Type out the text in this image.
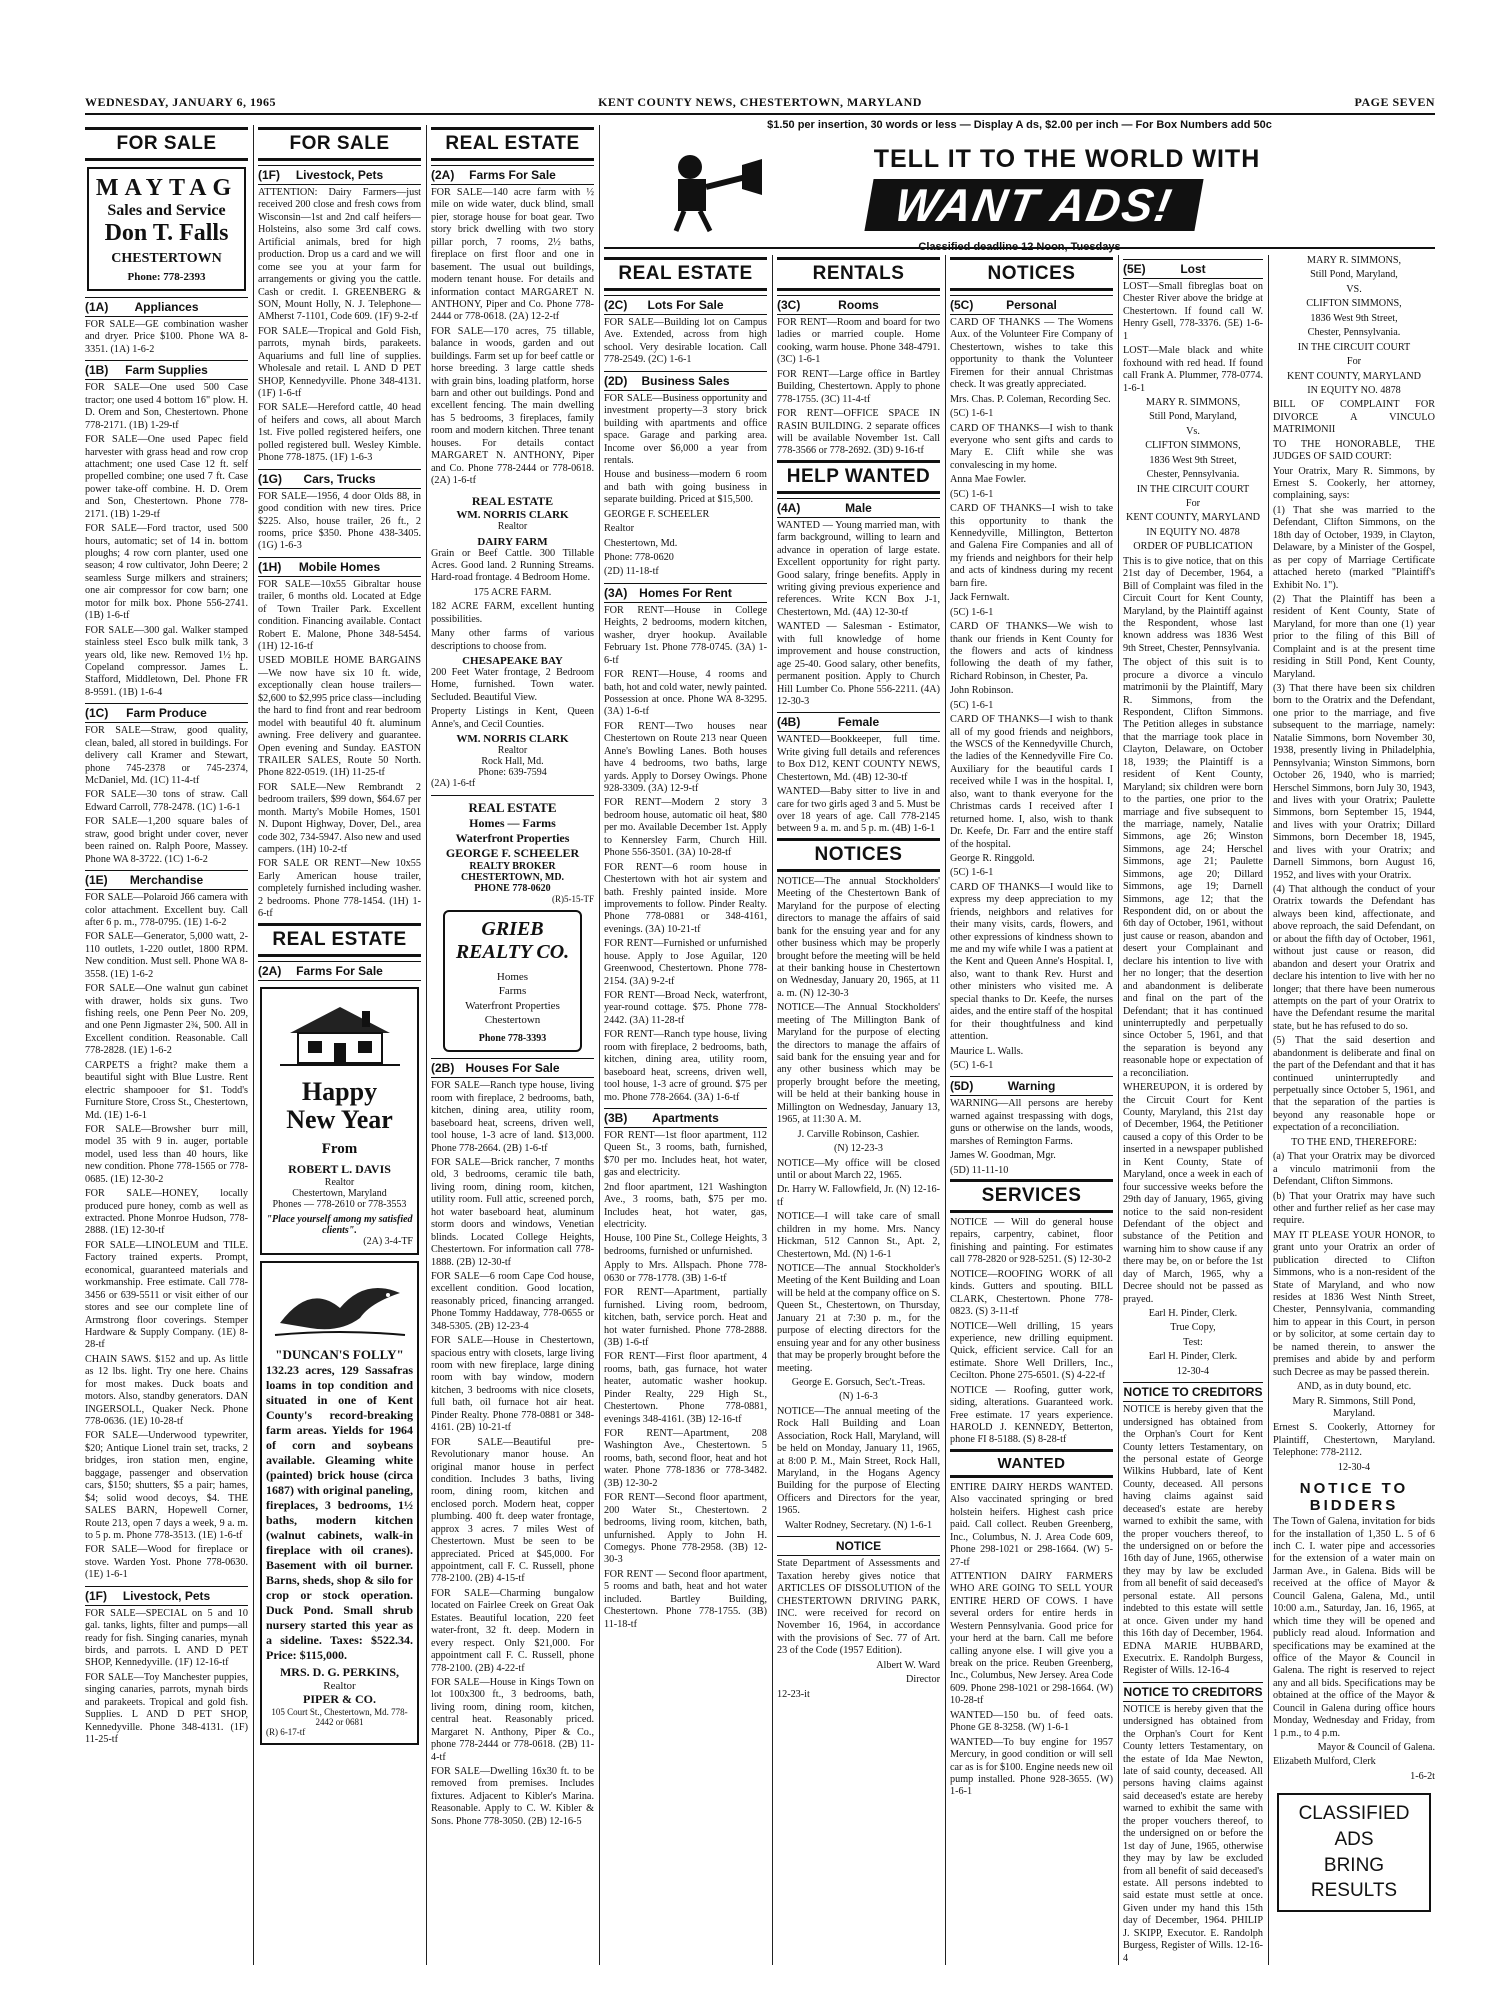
WEDNESDAY, JANUARY 6, 1965	KENT COUNTY NEWS, CHESTERTOWN, MARYLAND	PAGE SEVEN
FOR SALE
MAYTAG
Sales and Service
Don T. Falls
CHESTERTOWN
Phone: 778-2393
(1A)	Appliances

FOR SALE—GE combination washer and dryer. Price $100. Phone WA 8-3351. (1A) 1-6-2

(1B)	Farm Supplies

FOR SALE—One used 500 Case tractor; one used 4 bottom 16" plow. H. D. Orem and Son, Chestertown. Phone 778-2171. (1B) 1-29-tf

FOR SALE—One used Papec field harvester with grass head and row crop attachment; one used Case 12 ft. self propelled combine; one used 7 ft. Case power take-off combine. H. D. Orem and Son, Chestertown. Phone 778-2171. (1B) 1-29-tf

FOR SALE—Ford tractor, used 500 hours, automatic; set of 14 in. bottom ploughs; 4 row corn planter, used one season; 4 row cultivator, John Deere; 2 seamless Surge milkers and strainers; one air compressor for cow barn; one motor for milk box. Phone 556-2741. (1B) 1-6-tf

FOR SALE—300 gal. Walker stamped stainless steel Esco bulk milk tank, 3 years old, like new. Removed 1½ hp. Copeland compressor. James L. Stafford, Middletown, Del. Phone FR 8-9591. (1B) 1-6-4

(1C)	Farm Produce

FOR SALE—Straw, good quality, clean, baled, all stored in buildings. For delivery call Kramer and Stewart, phone 745-2378 or 745-2374, McDaniel, Md. (1C) 11-4-tf

FOR SALE—30 tons of straw. Call Edward Carroll, 778-2478. (1C) 1-6-1

FOR SALE—1,200 square bales of straw, good bright under cover, never been rained on. Ralph Poore, Massey. Phone WA 8-3722. (1C) 1-6-2

(1E)	Merchandise

FOR SALE—Polaroid J66 camera with color attachment. Excellent buy. Call after 6 p. m., 778-0795. (1E) 1-6-2

FOR SALE—Generator, 5,000 watt, 2-110 outlets, 1-220 outlet, 1800 RPM. New condition. Must sell. Phone WA 8-3558. (1E) 1-6-2

FOR SALE—One walnut gun cabinet with drawer, holds six guns. Two fishing reels, one Penn Peer No. 209, and one Penn Jigmaster 2¾, 500. All in Excellent condition. Reasonable. Call 778-2828. (1E) 1-6-2

CARPETS a fright? make them a beautiful sight with Blue Lustre. Rent electric shampooer for $1. Todd's Furniture Store, Cross St., Chestertown, Md. (1E) 1-6-1

FOR SALE—Browsher burr mill, model 35 with 9 in. auger, portable model, used less than 40 hours, like new condition. Phone 778-1565 or 778-0685. (1E) 12-30-2

FOR SALE—HONEY, locally produced pure honey, comb as well as extracted. Phone Monroe Hudson, 778-2888. (1E) 12-30-tf

FOR SALE—LINOLEUM and TILE. Factory trained experts. Prompt, economical, guaranteed materials and workmanship. Free estimate. Call 778-3456 or 639-5511 or visit either of our stores and see our complete line of Armstrong floor coverings. Stemper Hardware & Supply Company. (1E) 8-28-tf

CHAIN SAWS. $152 and up. As little as 12 lbs. light. Try one here. Chains for most makes. Duck boats and motors. Also, standby generators. DAN INGERSOLL, Quaker Neck. Phone 778-0636. (1E) 10-28-tf

FOR SALE—Underwood typewriter, $20; Antique Lionel train set, tracks, 2 bridges, iron station men, engine, baggage, passenger and observation cars, $150; shutters, $5 a pair; hames, $4; solid wood decoys, $4. THE SALES BARN, Hopewell Corner, Route 213, open 7 days a week, 9 a. m. to 5 p. m. Phone 778-3513. (1E) 1-6-tf

FOR SALE—Wood for fireplace or stove. Warden Yost. Phone 778-0630. (1E) 1-6-1

(1F)	Livestock, Pets

FOR SALE—SPECIAL on 5 and 10 gal. tanks, lights, filter and pumps—all ready for fish. Singing canaries, mynah birds, and parrots. L AND D PET SHOP, Kennedyville. (1F) 12-16-tf

FOR SALE—Toy Manchester puppies, singing canaries, parrots, mynah birds and parakeets. Tropical and gold fish. Supplies. L AND D PET SHOP, Kennedyville. Phone 348-4131. (1F) 11-25-tf

FOR SALE
(1F)	Livestock, Pets

ATTENTION: Dairy Farmers—just received 200 close and fresh cows from Wisconsin—1st and 2nd calf heifers—Holsteins, also some 3rd calf cows. Artificial animals, bred for high production. Drop us a card and we will come see you at your farm for arrangements or giving you the cattle. Cash or credit. I. GREENBERG & SON, Mount Holly, N. J. Telephone—AMherst 7-1101, Code 609. (1F) 9-2-tf

FOR SALE—Tropical and Gold Fish, parrots, mynah birds, parakeets. Aquariums and full line of supplies. Wholesale and retail. L AND D PET SHOP, Kennedyville. Phone 348-4131. (1F) 1-6-tf

FOR SALE—Hereford cattle, 40 head of heifers and cows, all about March 1st. Five polled registered heifers, one polled registered bull. Wesley Kimble. Phone 778-1875. (1F) 1-6-3

(1G)	Cars, Trucks

FOR SALE—1956, 4 door Olds 88, in good condition with new tires. Price $225. Also, house trailer, 26 ft., 2 rooms, price $350. Phone 438-3405. (1G) 1-6-3

(1H)	Mobile Homes

FOR SALE—10x55 Gibraltar house trailer, 6 months old. Located at Edge of Town Trailer Park. Excellent condition. Financing available. Contact Robert E. Malone, Phone 348-5454. (1H) 12-16-tf

USED MOBILE HOME BARGAINS—We now have six 10 ft. wide, exceptionally clean house trailers—$2,600 to $2,995 price class—including the hard to find front and rear bedroom model with beautiful 40 ft. aluminum awning. Free delivery and guarantee. Open evening and Sunday. EASTON TRAILER SALES, Route 50 North. Phone 822-0519. (1H) 11-25-tf

FOR SALE—New Rembrandt 2 bedroom trailers, $99 down, $64.67 per month. Marty's Mobile Homes, 1501 N. Dupont Highway, Dover, Del., area code 302, 734-5947. Also new and used campers. (1H) 10-2-tf

FOR SALE OR RENT—New 10x55 Early American house trailer, completely furnished including washer. 2 bedrooms. Phone 778-1454. (1H) 1-6-tf

REAL ESTATE
(2A)	Farms For Sale
Happy
New Year
From
ROBERT L. DAVIS
Realtor
Chestertown, Maryland
Phones — 778-2610 or 778-3553
"Place yourself among my satisfied clients".
(2A) 3-4-TF
"DUNCAN'S FOLLY"

132.23 acres, 129 Sassafras loams in top condition and situated in one of Kent County's record-breaking farm areas. Yields for 1964 of corn and soybeans available. Gleaming white (painted) brick house (circa 1687) with original paneling, fireplaces, 3 bedrooms, 1½ baths, modern kitchen (walnut cabinets, walk-in fireplace with oil cranes). Basement with oil burner. Barns, sheds, shop & silo for crop or stock operation. Duck Pond. Small shrub nursery started this year as a sideline. Taxes: $522.34. Price: $115,000.

MRS. D. G. PERKINS,
Realtor
PIPER & CO.
105 Court St., Chestertown, Md. 778-2442 or 0681
(R) 6-17-tf
REAL ESTATE
(2A)	Farms For Sale

FOR SALE—140 acre farm with ½ mile on wide water, duck blind, small pier, storage house for boat gear. Two story brick dwelling with two story pillar porch, 7 rooms, 2½ baths, fireplace on first floor and one in basement. The usual out buildings, modern tenant house. For details and information contact MARGARET N. ANTHONY, Piper and Co. Phone 778-2444 or 778-0618. (2A) 12-2-tf

FOR SALE—170 acres, 75 tillable, balance in woods, garden and out buildings. Farm set up for beef cattle or horse breeding. 3 large cattle sheds with grain bins, loading platform, horse barn and other out buildings. Pond and excellent fencing. The main dwelling has 5 bedrooms, 3 fireplaces, family room and modern kitchen. Three tenant houses. For details contact MARGARET N. ANTHONY, Piper and Co. Phone 778-2444 or 778-0618. (2A) 1-6-tf

REAL ESTATE
WM. NORRIS CLARK
Realtor
DAIRY FARM

Grain or Beef Cattle. 300 Tillable Acres. Good land. 2 Running Streams. Hard-road frontage. 4 Bedroom Home.

175 ACRE FARM.

182 ACRE FARM, excellent hunting possibilities.

Many other farms of various descriptions to choose from.

CHESAPEAKE BAY

200 Feet Water frontage, 2 Bedroom Home, furnished. Town water. Secluded. Beautiful View.

Property Listings in Kent, Queen Anne's, and Cecil Counties.

WM. NORRIS CLARK
Realtor
Rock Hall, Md.
Phone: 639-7594
(2A) 1-6-tf
REAL ESTATE
Homes — Farms
Waterfront Properties
GEORGE F. SCHEELER
REALTY BROKER
CHESTERTOWN, MD.
PHONE 778-0620
(R)5-15-TF
GRIEB REALTY CO.
Homes
Farms
Waterfront Properties
Chestertown
Phone 778-3393
(2B) Houses For Sale

FOR SALE—Ranch type house, living room with fireplace, 2 bedrooms, bath, kitchen, dining area, utility room, baseboard heat, screens, driven well, tool house, 1-3 acre of land. $13,000. Phone 778-2664. (2B) 1-6-tf

FOR SALE—Brick rancher, 7 months old, 3 bedrooms, ceramic tile bath, living room, dining room, kitchen, utility room. Full attic, screened porch, hot water baseboard heat, aluminum storm doors and windows, Venetian blinds. Located College Heights, Chestertown. For information call 778-1888. (2B) 12-30-tf

FOR SALE—6 room Cape Cod house, excellent condition. Good location, reasonably priced, financing arranged. Phone Tommy Haddaway, 778-0655 or 348-5305. (2B) 12-23-4

FOR SALE—House in Chestertown, spacious entry with closets, large living room with new fireplace, large dining room with bay window, modern kitchen, 3 bedrooms with nice closets, full bath, oil furnace hot air heat. Pinder Realty. Phone 778-0881 or 348-4161. (2B) 10-21-tf

FOR SALE—Beautiful pre-Revolutionary manor house. An original manor house in perfect condition. Includes 3 baths, living room, dining room, kitchen and enclosed porch. Modern heat, copper plumbing. 400 ft. deep water frontage, approx 3 acres. 7 miles West of Chestertown. Must be seen to be appreciated. Priced at $45,000. For appointment, call F. C. Russell, phone 778-2100. (2B) 4-15-tf

FOR SALE—Charming bungalow located on Fairlee Creek on Great Oak Estates. Beautiful location, 220 feet water-front, 32 ft. deep. Modern in every respect. Only $21,000. For appointment call F. C. Russell, phone 778-2100. (2B) 4-22-tf

FOR SALE—House in Kings Town on lot 100x300 ft., 3 bedrooms, bath, living room, dining room, kitchen, central heat. Reasonably priced. Margaret N. Anthony, Piper & Co., phone 778-2444 or 778-0618. (2B) 11-4-tf

FOR SALE—Dwelling 16x30 ft. to be removed from premises. Includes fixtures. Adjacent to Kibler's Marina. Reasonable. Apply to C. W. Kibler & Sons. Phone 778-3050. (2B) 12-16-5

$1.50 per insertion, 30 words or less — Display A ds, $2.00 per inch — For Box Numbers add 50c
TELL IT TO THE WORLD WITH
WANT ADS!
Classified deadline 12 Noon, Tuesdays
REAL ESTATE
(2C)	Lots For Sale

FOR SALE—Building lot on Campus Ave. Extended, across from high school. Very desirable location. Call 778-2549. (2C) 1-6-1

(2D)	Business Sales

FOR SALE—Business opportunity and investment property—3 story brick building with apartments and office space. Garage and parking area. Income over $6,000 a year from rentals.

House and business—modern 6 room and bath with going business in separate building. Priced at $15,500.

GEORGE F. SCHEELER

Realtor

Chestertown, Md.

Phone: 778-0620

(2D) 11-18-tf

(3A) Homes For Rent

FOR RENT—House in College Heights, 2 bedrooms, modern kitchen, washer, dryer hookup. Available February 1st. Phone 778-0745. (3A) 1-6-tf

FOR RENT—House, 4 rooms and bath, hot and cold water, newly painted. Possession at once. Phone WA 8-3295. (3A) 1-6-tf

FOR RENT—Two houses near Chestertown on Route 213 near Queen Anne's Bowling Lanes. Both houses have 4 bedrooms, two baths, large yards. Apply to Dorsey Owings. Phone 928-3309. (3A) 12-9-tf

FOR RENT—Modern 2 story 3 bedroom house, automatic oil heat, $80 per mo. Available December 1st. Apply to Kennersley Farm, Church Hill. Phone 556-3501. (3A) 10-28-tf

FOR RENT—6 room house in Chestertown with hot air system and bath. Freshly painted inside. More improvements to follow. Pinder Realty. Phone 778-0881 or 348-4161, evenings. (3A) 10-21-tf

FOR RENT—Furnished or unfurnished house. Apply to Jose Aguilar, 120 Greenwood, Chestertown. Phone 778-2154. (3A) 9-2-tf

FOR RENT—Broad Neck, waterfront, year-round cottage. $75. Phone 778-2442. (3A) 11-28-tf

FOR RENT—Ranch type house, living room with fireplace, 2 bedrooms, bath, kitchen, dining area, utility room, baseboard heat, screens, driven well, tool house, 1-3 acre of ground. $75 per mo. Phone 778-2664. (3A) 1-6-tf

(3B)	Apartments

FOR RENT—1st floor apartment, 112 Queen St., 3 rooms, bath, furnished, $70 per mo. Includes heat, hot water, gas and electricity.

2nd floor apartment, 121 Washington Ave., 3 rooms, bath, $75 per mo. Includes heat, hot water, gas, electricity.

House, 100 Pine St., College Heights, 3 bedrooms, furnished or unfurnished.

Apply to Mrs. Allspach. Phone 778-0630 or 778-1778. (3B) 1-6-tf

FOR RENT—Apartment, partially furnished. Living room, bedroom, kitchen, bath, service porch. Heat and hot water furnished. Phone 778-2888. (3B) 1-6-tf

FOR RENT—First floor apartment, 4 rooms, bath, gas furnace, hot water heater, automatic washer hookup. Pinder Realty, 229 High St., Chestertown. Phone 778-0881, evenings 348-4161. (3B) 12-16-tf

FOR RENT—Apartment, 208 Washington Ave., Chestertown. 5 rooms, bath, second floor, heat and hot water. Phone 778-1836 or 778-3482. (3B) 12-30-2

FOR RENT—Second floor apartment, 200 Water St., Chestertown. 2 bedrooms, living room, kitchen, bath, unfurnished. Apply to John H. Comegys. Phone 778-2958. (3B) 12-30-3

FOR RENT — Second floor apartment, 5 rooms and bath, heat and hot water included. Bartley Building, Chestertown. Phone 778-1755. (3B) 11-18-tf

RENTALS
(3C)	Rooms

FOR RENT—Room and board for two ladies or married couple. Home cooking, warm house. Phone 348-4791. (3C) 1-6-1

FOR RENT—Large office in Bartley Building, Chestertown. Apply to phone 778-1755. (3C) 11-4-tf

FOR RENT—OFFICE SPACE IN RASIN BUILDING. 2 separate offices will be available November 1st. Call 778-3566 or 778-2692. (3D) 9-16-tf

HELP WANTED
(4A)	Male

WANTED — Young married man, with farm background, willing to learn and advance in operation of large estate. Excellent opportunity for right party. Good salary, fringe benefits. Apply in writing giving previous experience and references. Write KCN Box J-1, Chestertown, Md. (4A) 12-30-tf

WANTED — Salesman - Estimator, with full knowledge of home improvement and house construction, age 25-40. Good salary, other benefits, permanent position. Apply to Church Hill Lumber Co. Phone 556-2211. (4A) 12-30-3

(4B)	Female

WANTED—Bookkeeper, full time. Write giving full details and references to Box D12, KENT COUNTY NEWS, Chestertown, Md. (4B) 12-30-tf

WANTED—Baby sitter to live in and care for two girls aged 3 and 5. Must be over 18 years of age. Call 778-2145 between 9 a. m. and 5 p. m. (4B) 1-6-1

NOTICES

NOTICE—The annual Stockholders' Meeting of the Chestertown Bank of Maryland for the purpose of electing directors to manage the affairs of said bank for the ensuing year and for any other business which may be properly brought before the meeting will be held at their banking house in Chestertown on Wednesday, January 20, 1965, at 11 a. m. (N) 12-30-3

NOTICE—The Annual Stockholders' meeting of The Millington Bank of Maryland for the purpose of electing the directors to manage the affairs of said bank for the ensuing year and for any other business which may be properly brought before the meeting, will be held at their banking house in Millington on Wednesday, January 13, 1965, at 11:30 A. M.

J. Carville Robinson, Cashier.

(N) 12-23-3

NOTICE—My office will be closed until or about March 22, 1965.

Dr. Harry W. Fallowfield, Jr. (N) 12-16-tf

NOTICE—I will take care of small children in my home. Mrs. Nancy Hickman, 512 Cannon St., Apt. 2, Chestertown, Md. (N) 1-6-1

NOTICE—The annual Stockholder's Meeting of the Kent Building and Loan will be held at the company office on S. Queen St., Chestertown, on Thursday, January 21 at 7:30 p. m., for the purpose of electing directors for the ensuing year and for any other business that may be properly brought before the meeting.

George E. Gorsuch, Sec't.-Treas.

(N) 1-6-3

NOTICE—The annual meeting of the Rock Hall Building and Loan Association, Rock Hall, Maryland, will be held on Monday, January 11, 1965, at 8:00 P. M., Main Street, Rock Hall, Maryland, in the Hogans Agency Building for the purpose of Electing Officers and Directors for the year, 1965.

Walter Rodney, Secretary. (N) 1-6-1

NOTICE

State Department of Assessments and Taxation hereby gives notice that ARTICLES OF DISSOLUTION of the CHESTERTOWN DRIVING PARK, INC. were received for record on November 16, 1964, in accordance with the provisions of Sec. 77 of Art. 23 of the Code (1957 Edition).

Albert W. Ward

Director

12-23-it

NOTICES
(5C)	Personal

CARD OF THANKS — The Womens Aux. of the Volunteer Fire Company of Chestertown, wishes to take this opportunity to thank the Volunteer Firemen for their annual Christmas check. It was greatly appreciated.

Mrs. Chas. P. Coleman, Recording Sec.

(5C) 1-6-1

CARD OF THANKS—I wish to thank everyone who sent gifts and cards to Mary E. Clift while she was convalescing in my home.

Anna Mae Fowler.

(5C) 1-6-1

CARD OF THANKS—I wish to take this opportunity to thank the Kennedyville, Millington, Betterton and Galena Fire Companies and all of my friends and neighbors for their help and acts of kindness during my recent barn fire.

Jack Fernwalt.

(5C) 1-6-1

CARD OF THANKS—We wish to thank our friends in Kent County for the flowers and acts of kindness following the death of my father, Richard Robinson, in Chester, Pa.

John Robinson.

(5C) 1-6-1

CARD OF THANKS—I wish to thank all of my good friends and neighbors, the WSCS of the Kennedyville Church, the ladies of the Kennedyville Fire Co. Auxiliary for the beautiful cards I received while I was in the hospital. I, also, want to thank everyone for the Christmas cards I received after I returned home. I, also, wish to thank Dr. Keefe, Dr. Farr and the entire staff of the hospital.

George R. Ringgold.

(5C) 1-6-1

CARD OF THANKS—I would like to express my deep appreciation to my friends, neighbors and relatives for their many visits, cards, flowers, and other expressions of kindness shown to me and my wife while I was a patient at the Kent and Queen Anne's Hospital. I, also, want to thank Rev. Hurst and other ministers who visited me. A special thanks to Dr. Keefe, the nurses aides, and the entire staff of the hospital for their thoughtfulness and kind attention.

Maurice L. Walls.

(5C) 1-6-1

(5D)	Warning

WARNING—All persons are hereby warned against trespassing with dogs, guns or otherwise on the lands, woods, marshes of Remington Farms.

James W. Goodman, Mgr.

(5D) 11-11-10

SERVICES

NOTICE — Will do general house repairs, carpentry, cabinet, floor finishing and painting. For estimates call 778-2820 or 928-5251. (S) 12-30-2

NOTICE—ROOFING WORK of all kinds. Gutters and spouting. BILL CLARK, Chestertown. Phone 778-0823. (S) 3-11-tf

NOTICE—Well drilling, 15 years experience, new drilling equipment. Quick, efficient service. Call for an estimate. Shore Well Drillers, Inc., Cecilton. Phone 275-6501. (S) 4-22-tf

NOTICE — Roofing, gutter work, siding, alterations. Guaranteed work. Free estimate. 17 years experience. HAROLD J. KENNEDY, Betterton, phone FI 8-5188. (S) 8-28-tf

WANTED

ENTIRE DAIRY HERDS WANTED. Also vaccinated springing or bred holstein heifers. Highest cash price paid. Call collect. Reuben Greenberg, Inc., Columbus, N. J. Area Code 609, Phone 298-1021 or 298-1664. (W) 5-27-tf

ATTENTION DAIRY FARMERS WHO ARE GOING TO SELL YOUR ENTIRE HERD OF COWS. I have several orders for entire herds in Western Pennsylvania. Good price for your herd at the barn. Call me before calling anyone else. I will give you a break on the price. Reuben Greenberg, Inc., Columbus, New Jersey. Area Code 609. Phone 298-1021 or 298-1664. (W) 10-28-tf

WANTED—150 bu. of feed oats. Phone GE 8-3258. (W) 1-6-1

WANTED—To buy engine for 1957 Mercury, in good condition or will sell car as is for $100. Engine needs new oil pump installed. Phone 928-3655. (W) 1-6-1

(5E)	Lost

LOST—Small fibreglas boat on Chester River above the bridge at Chestertown. If found call W. Henry Gsell, 778-3376. (5E) 1-6-1

LOST—Male black and white foxhound with red head. If found call Frank A. Plummer, 778-0774. 1-6-1

MARY R. SIMMONS,

Still Pond, Maryland,

Vs.

CLIFTON SIMMONS,

1836 West 9th Street,

Chester, Pennsylvania.

IN THE CIRCUIT COURT

For

KENT COUNTY, MARYLAND

IN EQUITY NO. 4878

ORDER OF PUBLICATION

This is to give notice, that on this 21st day of December, 1964, a Bill of Complaint was filed in the Circuit Court for Kent County, Maryland, by the Plaintiff against the Respondent, whose last known address was 1836 West 9th Street, Chester, Pennsylvania.

The object of this suit is to procure a divorce a vinculo matrimonii by the Plaintiff, Mary R. Simmons, from the Respondent, Clifton Simmons. The Petition alleges in substance that the marriage took place in Clayton, Delaware, on October 18, 1939; the Plaintiff is a resident of Kent County, Maryland; six children were born to the parties, one prior to the marriage and five subsequent to the marriage, namely, Natalie Simmons, age 26; Winston Simmons, age 24; Herschel Simmons, age 21; Paulette Simmons, age 20; Dillard Simmons, age 19; Darnell Simmons, age 12; that the Respondent did, on or about the 6th day of October, 1961, without just cause or reason, abandon and desert your Complainant and declare his intention to live with her no longer; that the desertion and abandonment is deliberate and final on the part of the Defendant; that it has continued uninterruptedly and perpetually since October 5, 1961, and that the separation is beyond any reasonable hope or expectation of a reconciliation.

WHEREUPON, it is ordered by the Circuit Court for Kent County, Maryland, this 21st day of December, 1964, the Petitioner caused a copy of this Order to be inserted in a newspaper published in Kent County, State of Maryland, once a week in each of four successive weeks before the 29th day of January, 1965, giving notice to the said non-resident Defendant of the object and substance of the Petition and warning him to show cause if any there may be, on or before the 1st day of March, 1965, why a Decree should not be passed as prayed.

Earl H. Pinder, Clerk.

True Copy,

Test:

Earl H. Pinder, Clerk.

12-30-4

NOTICE TO CREDITORS

NOTICE is hereby given that the undersigned has obtained from the Orphan's Court for Kent County letters Testamentary, on the personal estate of George Wilkins Hubbard, late of Kent County, deceased. All persons having claims against said deceased's estate are hereby warned to exhibit the same, with the proper vouchers thereof, to the undersigned on or before the 16th day of June, 1965, otherwise they may by law be excluded from all benefit of said deceased's personal estate. All persons indebted to this estate will settle at once. Given under my hand this 16th day of December, 1964. EDNA MARIE HUBBARD, Executrix. E. Randolph Burgess, Register of Wills. 12-16-4

NOTICE TO CREDITORS

NOTICE is hereby given that the undersigned has obtained from the Orphan's Court for Kent County letters Testamentary, on the estate of Ida Mae Newton, late of said county, deceased. All persons having claims against said deceased's estate are hereby warned to exhibit the same with the proper vouchers thereof, to the undersigned on or before the 1st day of June, 1965, otherwise they may by law be excluded from all benefit of said deceased's estate. All persons indebted to said estate must settle at once. Given under my hand this 15th day of December, 1964. PHILIP J. SKIPP, Executor. E. Randolph Burgess, Register of Wills. 12-16-4

MARY R. SIMMONS,

Still Pond, Maryland,

VS.

CLIFTON SIMMONS,

1836 West 9th Street,

Chester, Pennsylvania.

IN THE CIRCUIT COURT

For

KENT COUNTY, MARYLAND

IN EQUITY NO. 4878

BILL OF COMPLAINT FOR DIVORCE A VINCULO MATRIMONII

TO THE HONORABLE, THE JUDGES OF SAID COURT:

Your Oratrix, Mary R. Simmons, by Ernest S. Cookerly, her attorney, complaining, says:

(1) That she was married to the Defendant, Clifton Simmons, on the 18th day of October, 1939, in Clayton, Delaware, by a Minister of the Gospel, as per copy of Marriage Certificate attached hereto (marked "Plaintiff's Exhibit No. 1").

(2) That the Plaintiff has been a resident of Kent County, State of Maryland, for more than one (1) year prior to the filing of this Bill of Complaint and is at the present time residing in Still Pond, Kent County, Maryland.

(3) That there have been six children born to the Oratrix and the Defendant, one prior to the marriage, and five subsequent to the marriage, namely: Natalie Simmons, born November 30, 1938, presently living in Philadelphia, Pennsylvania; Winston Simmons, born October 26, 1940, who is married; Herschel Simmons, born July 30, 1943, and lives with your Oratrix; Paulette Simmons, born September 15, 1944, and lives with your Oratrix; Dillard Simmons, born December 18, 1945, and lives with your Oratrix; and Darnell Simmons, born August 16, 1952, and lives with your Oratrix.

(4) That although the conduct of your Oratrix towards the Defendant has always been kind, affectionate, and above reproach, the said Defendant, on or about the fifth day of October, 1961, without just cause or reason, did abandon and desert your Oratrix and declare his intention to live with her no longer; that there have been numerous attempts on the part of your Oratrix to have the Defendant resume the marital state, but he has refused to do so.

(5) That the said desertion and abandonment is deliberate and final on the part of the Defendant and that it has continued uninterruptedly and perpetually since October 5, 1961, and that the separation of the parties is beyond any reasonable hope or expectation of a reconciliation.

TO THE END, THEREFORE:

(a) That your Oratrix may be divorced a vinculo matrimonii from the Defendant, Clifton Simmons.

(b) That your Oratrix may have such other and further relief as her case may require.

MAY IT PLEASE YOUR HONOR, to grant unto your Oratrix an order of publication directed to Clifton Simmons, who is a non-resident of the State of Maryland, and who now resides at 1836 West Ninth Street, Chester, Pennsylvania, commanding him to appear in this Court, in person or by solicitor, at some certain day to be named therein, to answer the premises and abide by and perform such Decree as may be passed therein.

AND, as in duty bound, etc.

Mary R. Simmons, Still Pond, Maryland.

Ernest S. Cookerly, Attorney for Plaintiff, Chestertown, Maryland. Telephone: 778-2112.

12-30-4

NOTICE TO BIDDERS

The Town of Galena, invitation for bids for the installation of 1,350 L. 5 of 6 inch C. I. water pipe and accessories for the extension of a water main on Jarman Ave., in Galena. Bids will be received at the office of Mayor & Council Galena, Galena, Md., until 10:00 a.m., Saturday, Jan. 16, 1965, at which time they will be opened and publicly read aloud. Information and specifications may be examined at the office of the Mayor & Council in Galena. The right is reserved to reject any and all bids. Specifications may be obtained at the office of the Mayor & Council in Galena during office hours Monday, Wednesday and Friday, from 1 p.m., to 4 p.m.

Mayor & Council of Galena.

Elizabeth Mulford, Clerk

1-6-2t

CLASSIFIED
ADS
BRING RESULTS
